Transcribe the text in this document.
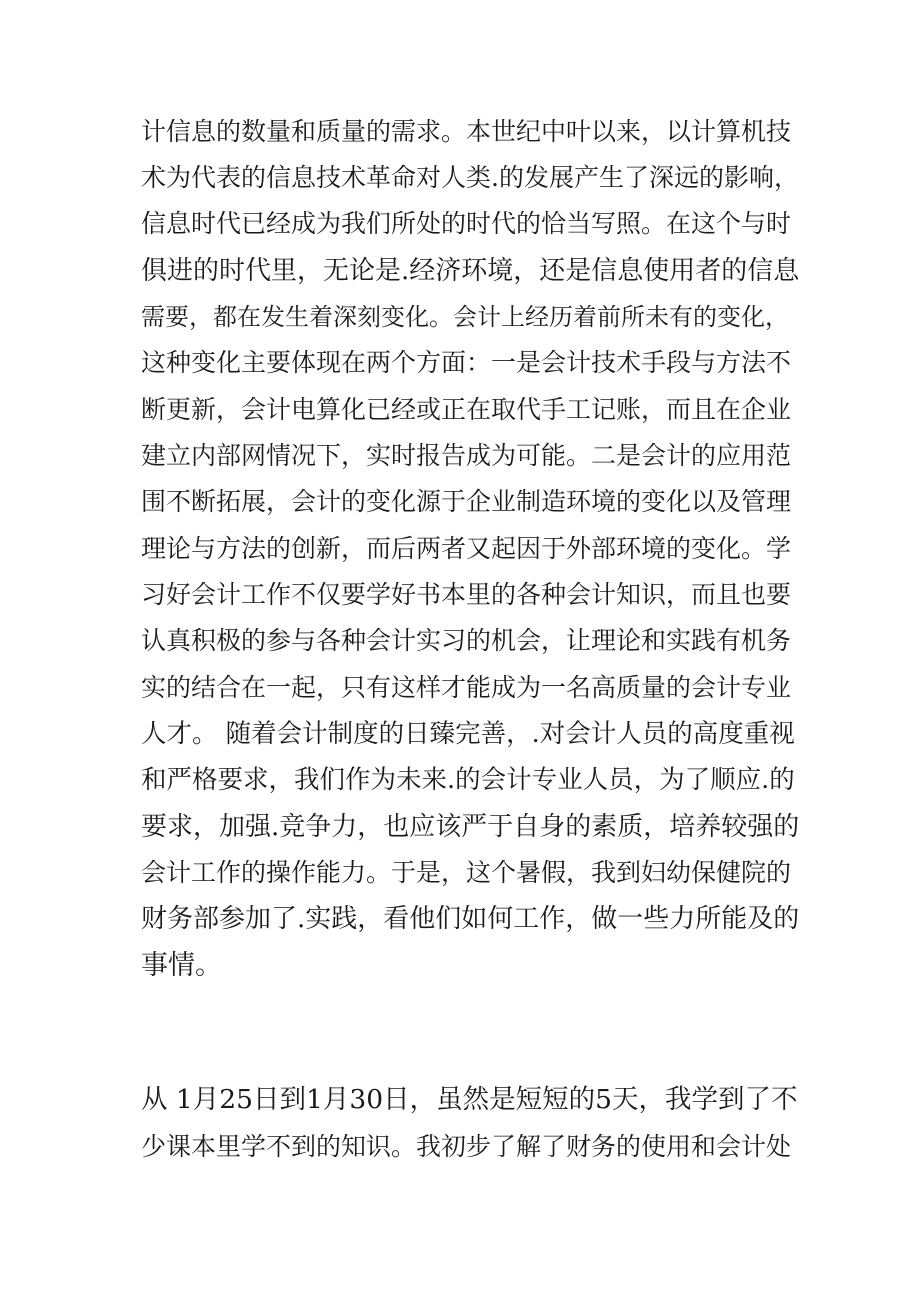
计信息的数量和质量的需求。本世纪中叶以来，以计算机技
术为代表的信息技术革命对人类.的发展产生了深远的影响，
信息时代已经成为我们所处的时代的恰当写照。在这个与时
俱进的时代里，无论是.经济环境，还是信息使用者的信息
需要，都在发生着深刻变化。会计上经历着前所未有的变化，
这种变化主要体现在两个方面：一是会计技术手段与方法不
断更新，会计电算化已经或正在取代手工记账，而且在企业
建立内部网情况下，实时报告成为可能。二是会计的应用范
围不断拓展，会计的变化源于企业制造环境的变化以及管理
理论与方法的创新，而后两者又起因于外部环境的变化。学
习好会计工作不仅要学好书本里的各种会计知识，而且也要
认真积极的参与各种会计实习的机会，让理论和实践有机务
实的结合在一起，只有这样才能成为一名高质量的会计专业
人才。 随着会计制度的日臻完善，.对会计人员的高度重视
和严格要求，我们作为未来.的会计专业人员，为了顺应.的
要求，加强.竞争力，也应该严于自身的素质，培养较强的
会计工作的操作能力。于是，这个暑假，我到妇幼保健院的
财务部参加了.实践，看他们如何工作，做一些力所能及的
事情。
从 1月25日到1月30日，虽然是短短的5天，我学到了不
少课本里学不到的知识。我初步了解了财务的使用和会计处
